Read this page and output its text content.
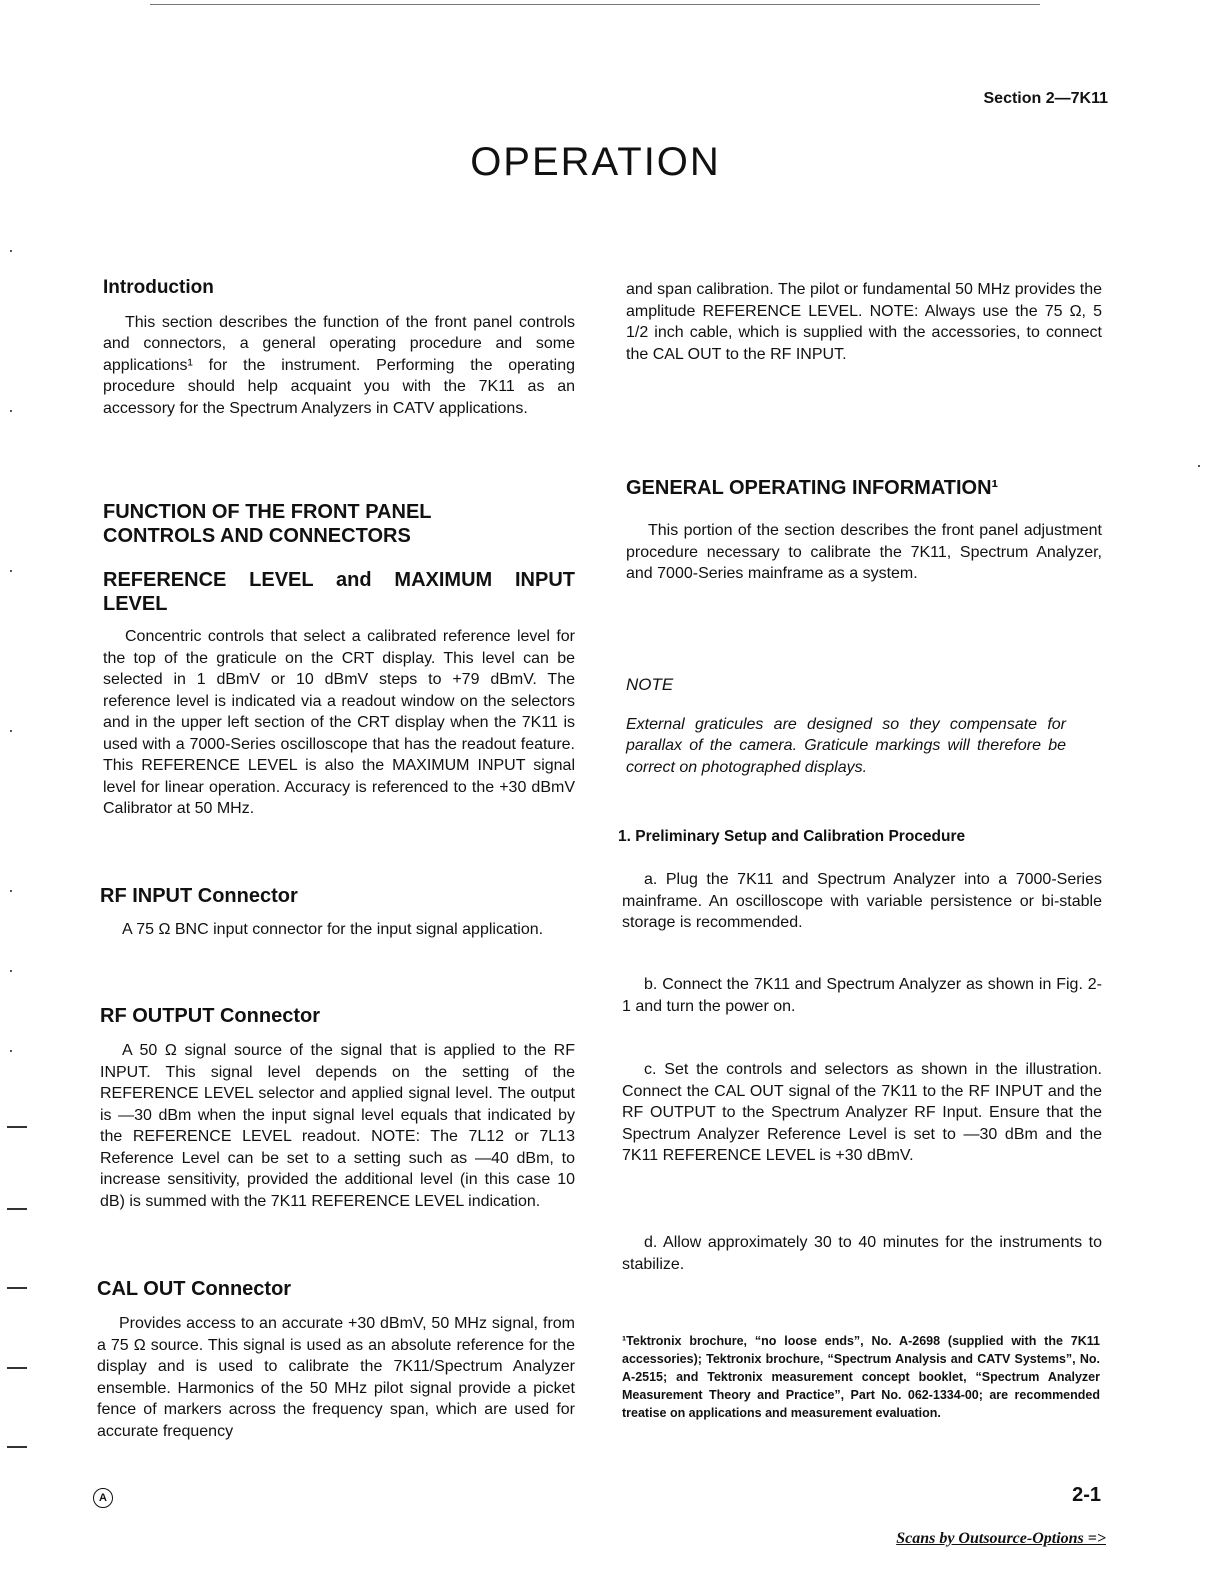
Section 2—7K11
OPERATION
Introduction

This section describes the function of the front panel controls and connectors, a general operating procedure and some applications¹ for the instrument. Performing the operating procedure should help acquaint you with the 7K11 as an accessory for the Spectrum Analyzers in CATV applications.

FUNCTION OF THE FRONT PANEL

CONTROLS AND CONNECTORS

REFERENCE LEVEL and MAXIMUM INPUT LEVEL

Concentric controls that select a calibrated reference level for the top of the graticule on the CRT display. This level can be selected in 1 dBmV or 10 dBmV steps to +79 dBmV. The reference level is indicated via a readout window on the selectors and in the upper left section of the CRT display when the 7K11 is used with a 7000-Series oscilloscope that has the readout feature. This REFERENCE LEVEL is also the MAXIMUM INPUT signal level for linear operation. Accuracy is referenced to the +30 dBmV Calibrator at 50 MHz.

RF INPUT Connector

A 75 Ω BNC input connector for the input signal application.

RF OUTPUT Connector

A 50 Ω signal source of the signal that is applied to the RF INPUT. This signal level depends on the setting of the REFERENCE LEVEL selector and applied signal level. The output is —30 dBm when the input signal level equals that indicated by the REFERENCE LEVEL readout. NOTE: The 7L12 or 7L13 Reference Level can be set to a setting such as —40 dBm, to increase sensitivity, provided the additional level (in this case 10 dB) is summed with the 7K11 REFERENCE LEVEL indication.

CAL OUT Connector

Provides access to an accurate +30 dBmV, 50 MHz signal, from a 75 Ω source. This signal is used as an absolute reference for the display and is used to calibrate the 7K11/Spectrum Analyzer ensemble. Harmonics of the 50 MHz pilot signal provide a picket fence of markers across the frequency span, which are used for accurate frequency

and span calibration. The pilot or fundamental 50 MHz provides the amplitude REFERENCE LEVEL. NOTE: Always use the 75 Ω, 5 1/2 inch cable, which is supplied with the accessories, to connect the CAL OUT to the RF INPUT.

GENERAL OPERATING INFORMATION¹

This portion of the section describes the front panel adjustment procedure necessary to calibrate the 7K11, Spectrum Analyzer, and 7000-Series mainframe as a system.

NOTE

External graticules are designed so they compensate for parallax of the camera. Graticule markings will therefore be correct on photographed displays.

1. Preliminary Setup and Calibration Procedure

a. Plug the 7K11 and Spectrum Analyzer into a 7000-Series mainframe. An oscilloscope with variable persistence or bi-stable storage is recommended.

b. Connect the 7K11 and Spectrum Analyzer as shown in Fig. 2-1 and turn the power on.

c. Set the controls and selectors as shown in the illustration. Connect the CAL OUT signal of the 7K11 to the RF INPUT and the RF OUTPUT to the Spectrum Analyzer RF Input. Ensure that the Spectrum Analyzer Reference Level is set to —30 dBm and the 7K11 REFERENCE LEVEL is +30 dBmV.

d. Allow approximately 30 to 40 minutes for the instruments to stabilize.

¹Tektronix brochure, “no loose ends”, No. A-2698 (supplied with the 7K11 accessories); Tektronix brochure, “Spectrum Analysis and CATV Systems”, No. A-2515; and Tektronix measurement concept booklet, “Spectrum Analyzer Measurement Theory and Practice”, Part No. 062-1334-00; are recommended treatise on applications and measurement evaluation.

A	2-1
Scans by Outsource-Options =>
